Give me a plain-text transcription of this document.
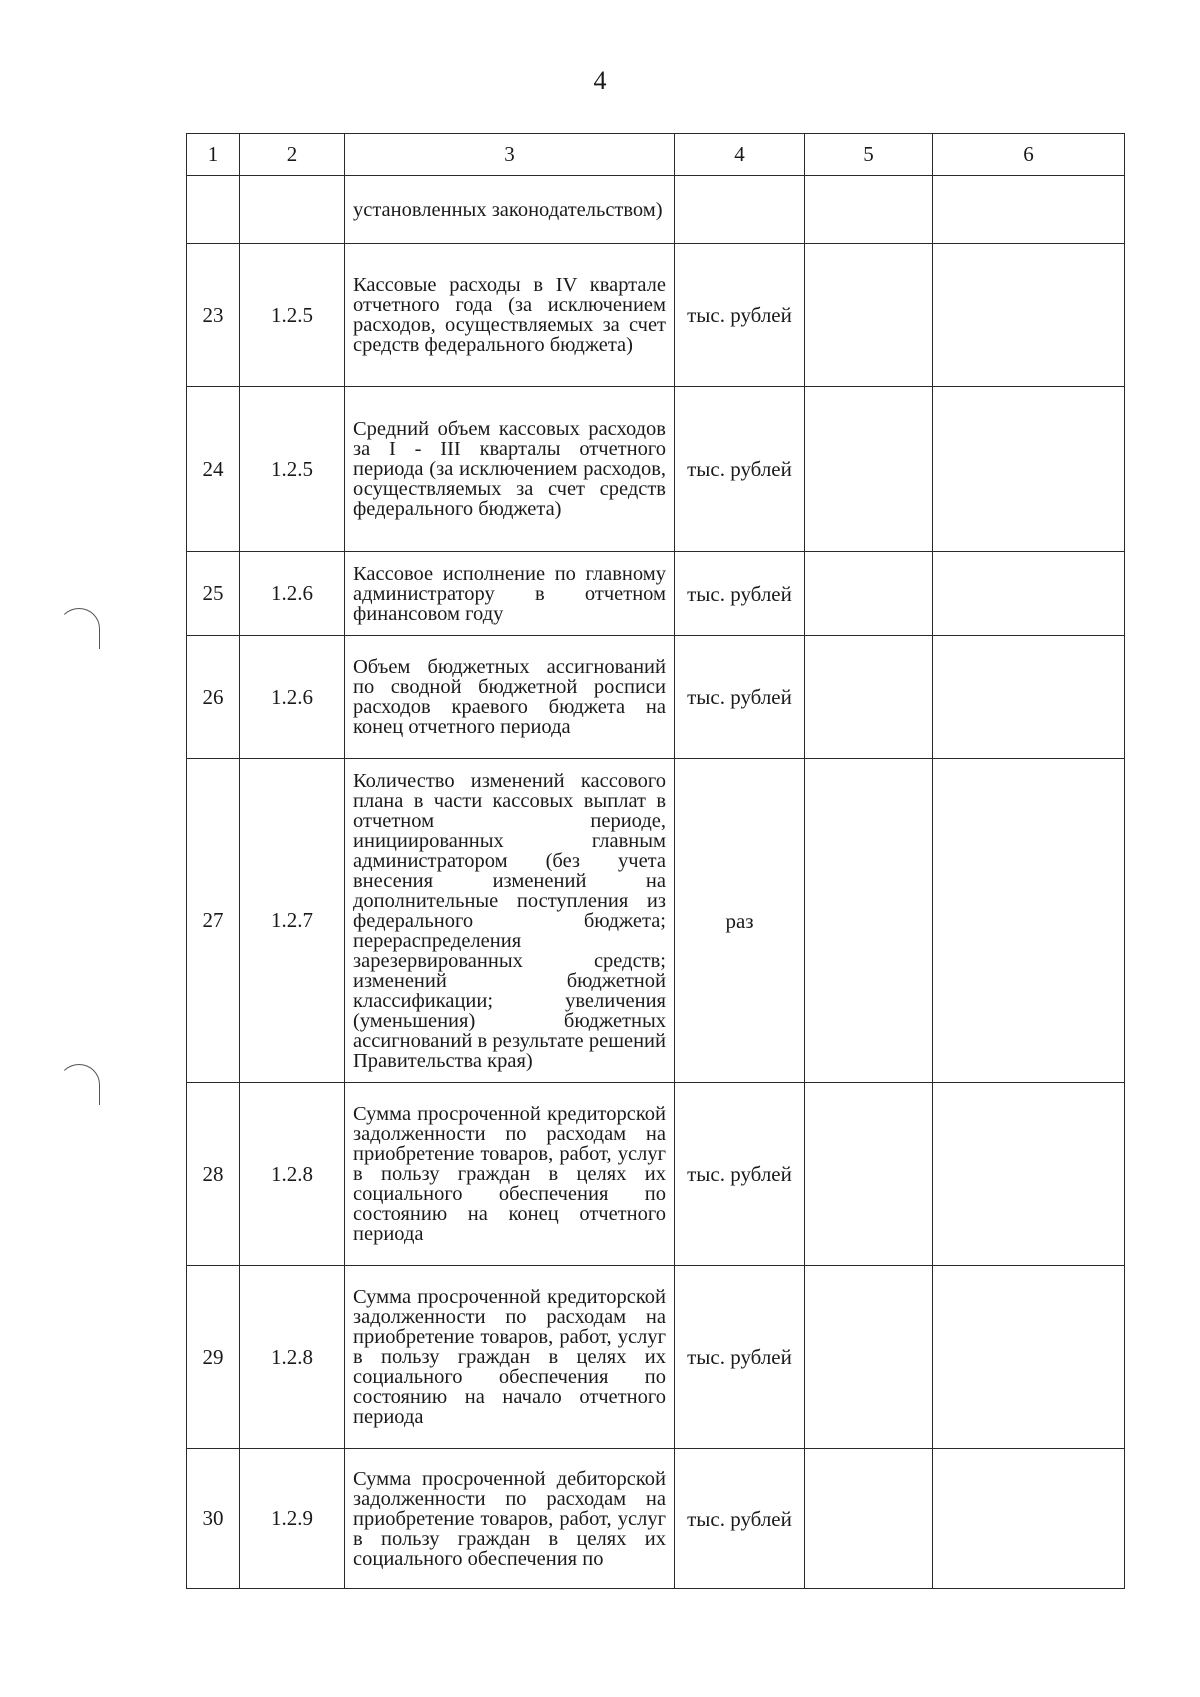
4
1	2	3	4	5	6
		установленных законодательством)			
23	1.2.5	Кассовые расходы в IV квартале отчетного года (за исключением расходов, осуществляемых за счет средств федерального бюджета)	тыс. рублей		
24	1.2.5	Средний объем кассовых расходов за I - III кварталы отчетного периода (за исключением расходов, осуществляемых за счет средств федерального бюджета)	тыс. рублей		
25	1.2.6	Кассовое исполнение по главному администратору в отчетном финансовом году	тыс. рублей		
26	1.2.6	Объем бюджетных ассигнований по сводной бюджетной росписи расходов краевого бюджета на конец отчетного периода	тыс. рублей		
27	1.2.7	Количество изменений кассового плана в части кассовых выплат в отчетном периоде, инициированных главным администратором (без учета внесения изменений на дополнительные поступления из федерального бюджета; перераспределения зарезервированных средств; изменений бюджетной классификации; увеличения (уменьшения) бюджетных ассигнований в результате решений Правительства края)	раз		
28	1.2.8	Сумма просроченной кредиторской задолженности по расходам на приобретение товаров, работ, услуг в пользу граждан в целях их социального обеспечения по состоянию на конец отчетного периода	тыс. рублей		
29	1.2.8	Сумма просроченной кредиторской задолженности по расходам на приобретение товаров, работ, услуг в пользу граждан в целях их социального обеспечения по состоянию на начало отчетного периода	тыс. рублей		
30	1.2.9	Сумма просроченной дебиторской задолженности по расходам на приобретение товаров, работ, услуг в пользу граждан в целях их социального обеспечения по	тыс. рублей		
